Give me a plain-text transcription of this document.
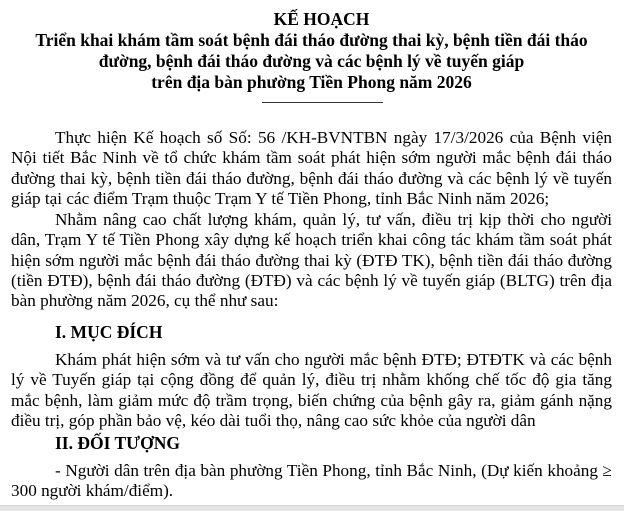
KẾ HOẠCH
Triển khai khám tầm soát bệnh đái tháo đường thai kỳ, bệnh tiền đái tháo
đường, bệnh đái tháo đường và các bệnh lý về tuyến giáp
trên địa bàn phường Tiền Phong năm 2026
Thực hiện Kế hoạch số Số: 56 /KH-BVNTBN ngày 17/3/2026 của Bệnh viện Nội tiết Bắc Ninh về tổ chức khám tầm soát phát hiện sớm người mắc bệnh đái tháo đường thai kỳ, bệnh tiền đái tháo đường, bệnh đái tháo đường và các bệnh lý về tuyến giáp tại các điểm Trạm thuộc Trạm Y tế Tiền Phong, tỉnh Bắc Ninh năm 2026;
Nhằm nâng cao chất lượng khám, quản lý, tư vấn, điều trị kịp thời cho người dân, Trạm Y tế Tiền Phong xây dựng kế hoạch triển khai công tác khám tầm soát phát hiện sớm người mắc bệnh đái tháo đường thai kỳ (ĐTĐ TK), bệnh tiền đái tháo đường (tiền ĐTĐ), bệnh đái tháo đường (ĐTĐ) và các bệnh lý về tuyến giáp (BLTG) trên địa bàn phường năm 2026, cụ thể như sau:
I. MỤC ĐÍCH
Khám phát hiện sớm và tư vấn cho người mắc bệnh ĐTĐ; ĐTĐTK và các bệnh lý về Tuyến giáp tại cộng đồng để quản lý, điều trị nhằm khống chế tốc độ gia tăng mắc bệnh, làm giảm mức độ trầm trọng, biến chứng của bệnh gây ra, giảm gánh nặng điều trị, góp phần bảo vệ, kéo dài tuổi thọ, nâng cao sức khỏe của người dân
II. ĐỐI TƯỢNG
- Người dân trên địa bàn phường Tiền Phong, tỉnh Bắc Ninh, (Dự kiến khoảng ≥ 300 người khám/điểm).
